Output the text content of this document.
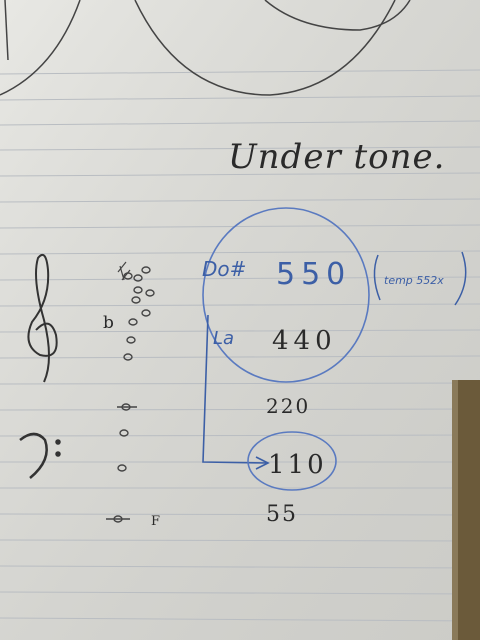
Under tone.
b
F
temp 552x
Do# 550
La 440
220
110
55
